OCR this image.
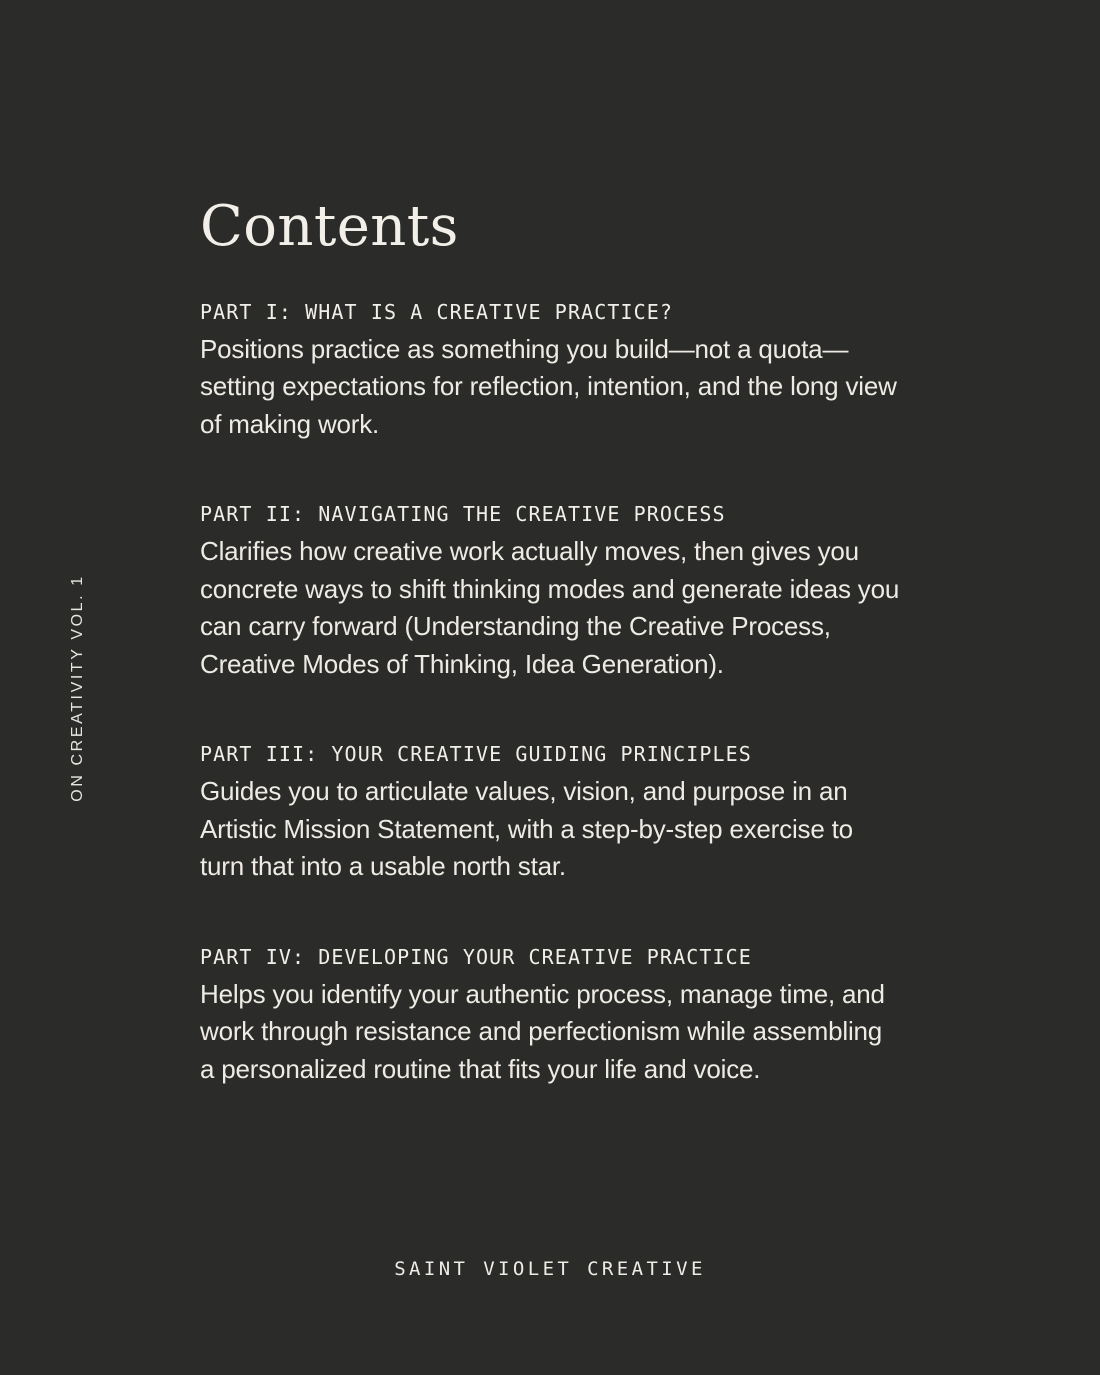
ON CREATIVITY VOL. 1
Contents
PART I: WHAT IS A CREATIVE PRACTICE?

Positions practice as something you build—not a quota—setting expectations for reflection, intention, and the long view of making work.

PART II: NAVIGATING THE CREATIVE PROCESS

Clarifies how creative work actually moves, then gives you concrete ways to shift thinking modes and generate ideas you can carry forward (Understanding the Creative Process, Creative Modes of Thinking, Idea Generation).

PART III: YOUR CREATIVE GUIDING PRINCIPLES

Guides you to articulate values, vision, and purpose in an Artistic Mission Statement, with a step-by-step exercise to turn that into a usable north star.

PART IV: DEVELOPING YOUR CREATIVE PRACTICE

Helps you identify your authentic process, manage time, and work through resistance and perfectionism while assembling a personalized routine that fits your life and voice.

SAINT VIOLET CREATIVE
